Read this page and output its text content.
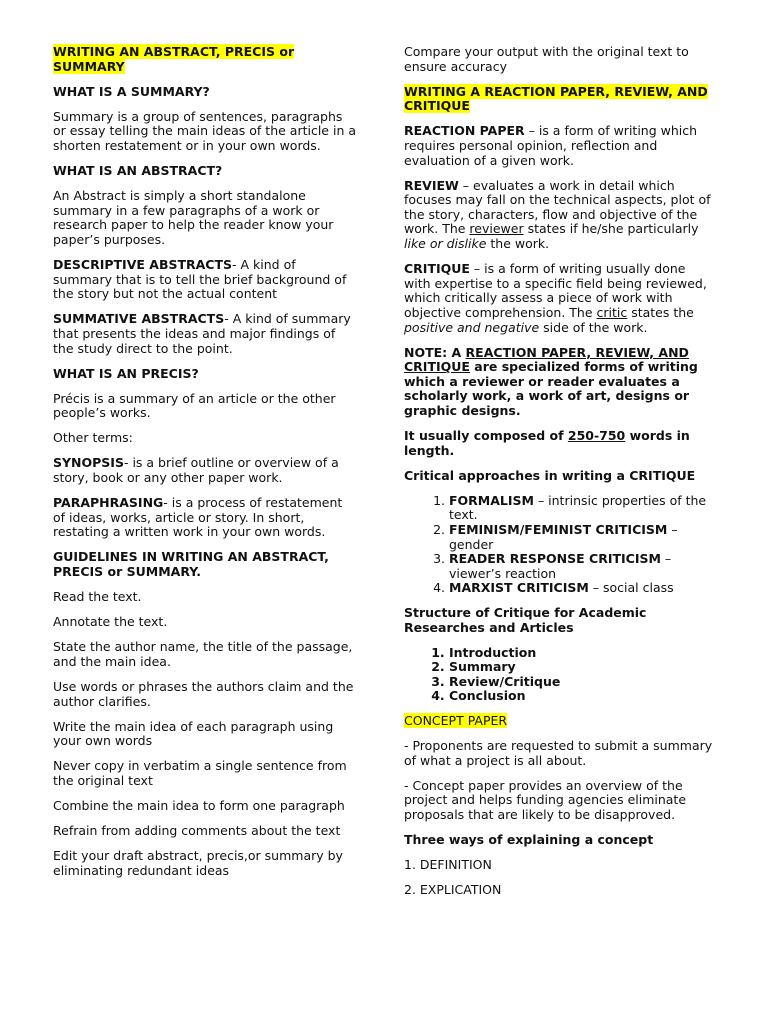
WRITING AN ABSTRACT, PRECIS or SUMMARY

WHAT IS A SUMMARY?

Summary is a group of sentences, paragraphs or essay telling the main ideas of the article in a shorten restatement or in your own words.

WHAT IS AN ABSTRACT?

An Abstract is simply a short standalone summary in a few paragraphs of a work or research paper to help the reader know your paper’s purposes.

DESCRIPTIVE ABSTRACTS- A kind of summary that is to tell the brief background of the story but not the actual content

SUMMATIVE ABSTRACTS- A kind of summary that presents the ideas and major findings of the study direct to the point.

WHAT IS AN PRECIS?

Précis is a summary of an article or the other people’s works.

Other terms:

SYNOPSIS- is a brief outline or overview of a story, book or any other paper work.

PARAPHRASING- is a process of restatement of ideas, works, article or story. In short, restating a written work in your own words.

GUIDELINES IN WRITING AN ABSTRACT, PRECIS or SUMMARY.

Read the text.

Annotate the text.

State the author name, the title of the passage, and the main idea.

Use words or phrases the authors claim and the author clarifies.

Write the main idea of each paragraph using your own words

Never copy in verbatim a single sentence from the original text

Combine the main idea to form one paragraph

Refrain from adding comments about the text

Edit your draft abstract, precis,or summary by eliminating redundant ideas

Compare your output with the original text to ensure accuracy

WRITING A REACTION PAPER, REVIEW, AND CRITIQUE

REACTION PAPER – is a form of writing which requires personal opinion, reflection and evaluation of a given work.

REVIEW – evaluates a work in detail which focuses may fall on the technical aspects, plot of the story, characters, flow and objective of the work. The reviewer states if he/she particularly like or dislike the work.

CRITIQUE – is a form of writing usually done with expertise to a specific field being reviewed, which critically assess a piece of work with objective comprehension. The critic states the positive and negative side of the work.

NOTE: A REACTION PAPER, REVIEW, AND CRITIQUE are specialized forms of writing which a reviewer or reader evaluates a scholarly work, a work of art, designs or graphic designs.

It usually composed of 250-750 words in length.

Critical approaches in writing a CRITIQUE

1. FORMALISM – intrinsic properties of the text.
2. FEMINISM/FEMINIST CRITICISM – gender
3. READER RESPONSE CRITICISM – viewer’s reaction
4. MARXIST CRITICISM – social class

Structure of Critique for Academic Researches and Articles

1. Introduction
2. Summary
3. Review/Critique
4. Conclusion

CONCEPT PAPER

- Proponents are requested to submit a summary of what a project is all about.

- Concept paper provides an overview of the project and helps funding agencies eliminate proposals that are likely to be disapproved.

Three ways of explaining a concept

1. DEFINITION

2. EXPLICATION
